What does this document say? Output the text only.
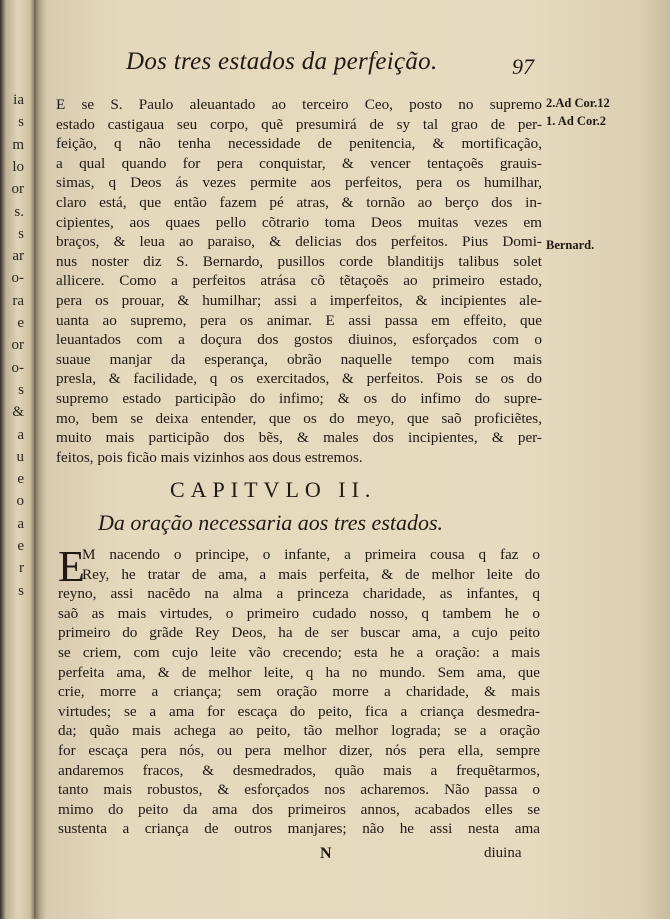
ia
s
m
lo
or
s.
s
ar
o-
ra
e
or
o-
s
&
a
u
e
o
a
e
r
s
Dos tres estados da perfeição.	97
E se S. Paulo aleuantado ao terceiro Ceo, posto no supremo
estado castigaua seu corpo, quẽ presumirá de sy tal grao de per-
feição, q não tenha necessidade de penitencia, & mortificação,
a qual quando for pera conquistar, & vencer tentaçoẽs grauis-
simas, q Deos ás vezes permite aos perfeitos, pera os humilhar,
claro está, que então fazem pé atras, & tornão ao berço dos in-
cipientes, aos quaes pello cõtrario toma Deos muitas vezes em
braços, & leua ao paraiso, & delicias dos perfeitos. Pius Domi-
nus noster diz S. Bernardo, pusillos corde blanditijs talibus solet
allicere. Como a perfeitos atrása cõ tẽtaçoẽs ao primeiro estado,
pera os prouar, & humilhar; assi a imperfeitos, & incipientes ale-
uanta ao supremo, pera os animar. E assi passa em effeito, que
leuantados com a doçura dos gostos diuinos, esforçados com o
suaue manjar da esperança, obrão naquelle tempo com mais
presla, & facilidade, q os exercitados, & perfeitos. Pois se os do
supremo estado participão do infimo; & os do infimo do supre-
mo, bem se deixa entender, que os do meyo, que saõ proficiẽtes,
muito mais participão dos bẽs, & males dos incipientes, & per-
feitos, pois ficão mais vizinhos aos dous estremos.
2.Ad Cor.12
1. Ad Cor.2
Bernard.
CAPITVLO II.
Da oração necessaria aos tres estados.
E
M nacendo o principe, o infante, a primeira cousa q faz o
Rey, he tratar de ama, a mais perfeita, & de melhor leite do
reyno, assi nacẽdo na alma a princeza charidade, as infantes, q
saõ as mais virtudes, o primeiro cudado nosso, q tambem he o
primeiro do grãde Rey Deos, ha de ser buscar ama, a cujo peito
se criem, com cujo leite vão crecendo; esta he a oração: a mais
perfeita ama, & de melhor leite, q ha no mundo. Sem ama, que
crie, morre a criança; sem oração morre a charidade, & mais
virtudes; se a ama for escaça do peito, fica a criança desmedra-
da; quão mais achega ao peito, tão melhor lograda; se a oração
for escaça pera nós, ou pera melhor dizer, nós pera ella, sempre
andaremos fracos, & desmedrados, quão mais a frequẽtarmos,
tanto mais robustos, & esforçados nos acharemos. Não passa o
mimo do peito da ama dos primeiros annos, acabados elles se
sustenta a criança de outros manjares; não he assi nesta ama
N	diuina
